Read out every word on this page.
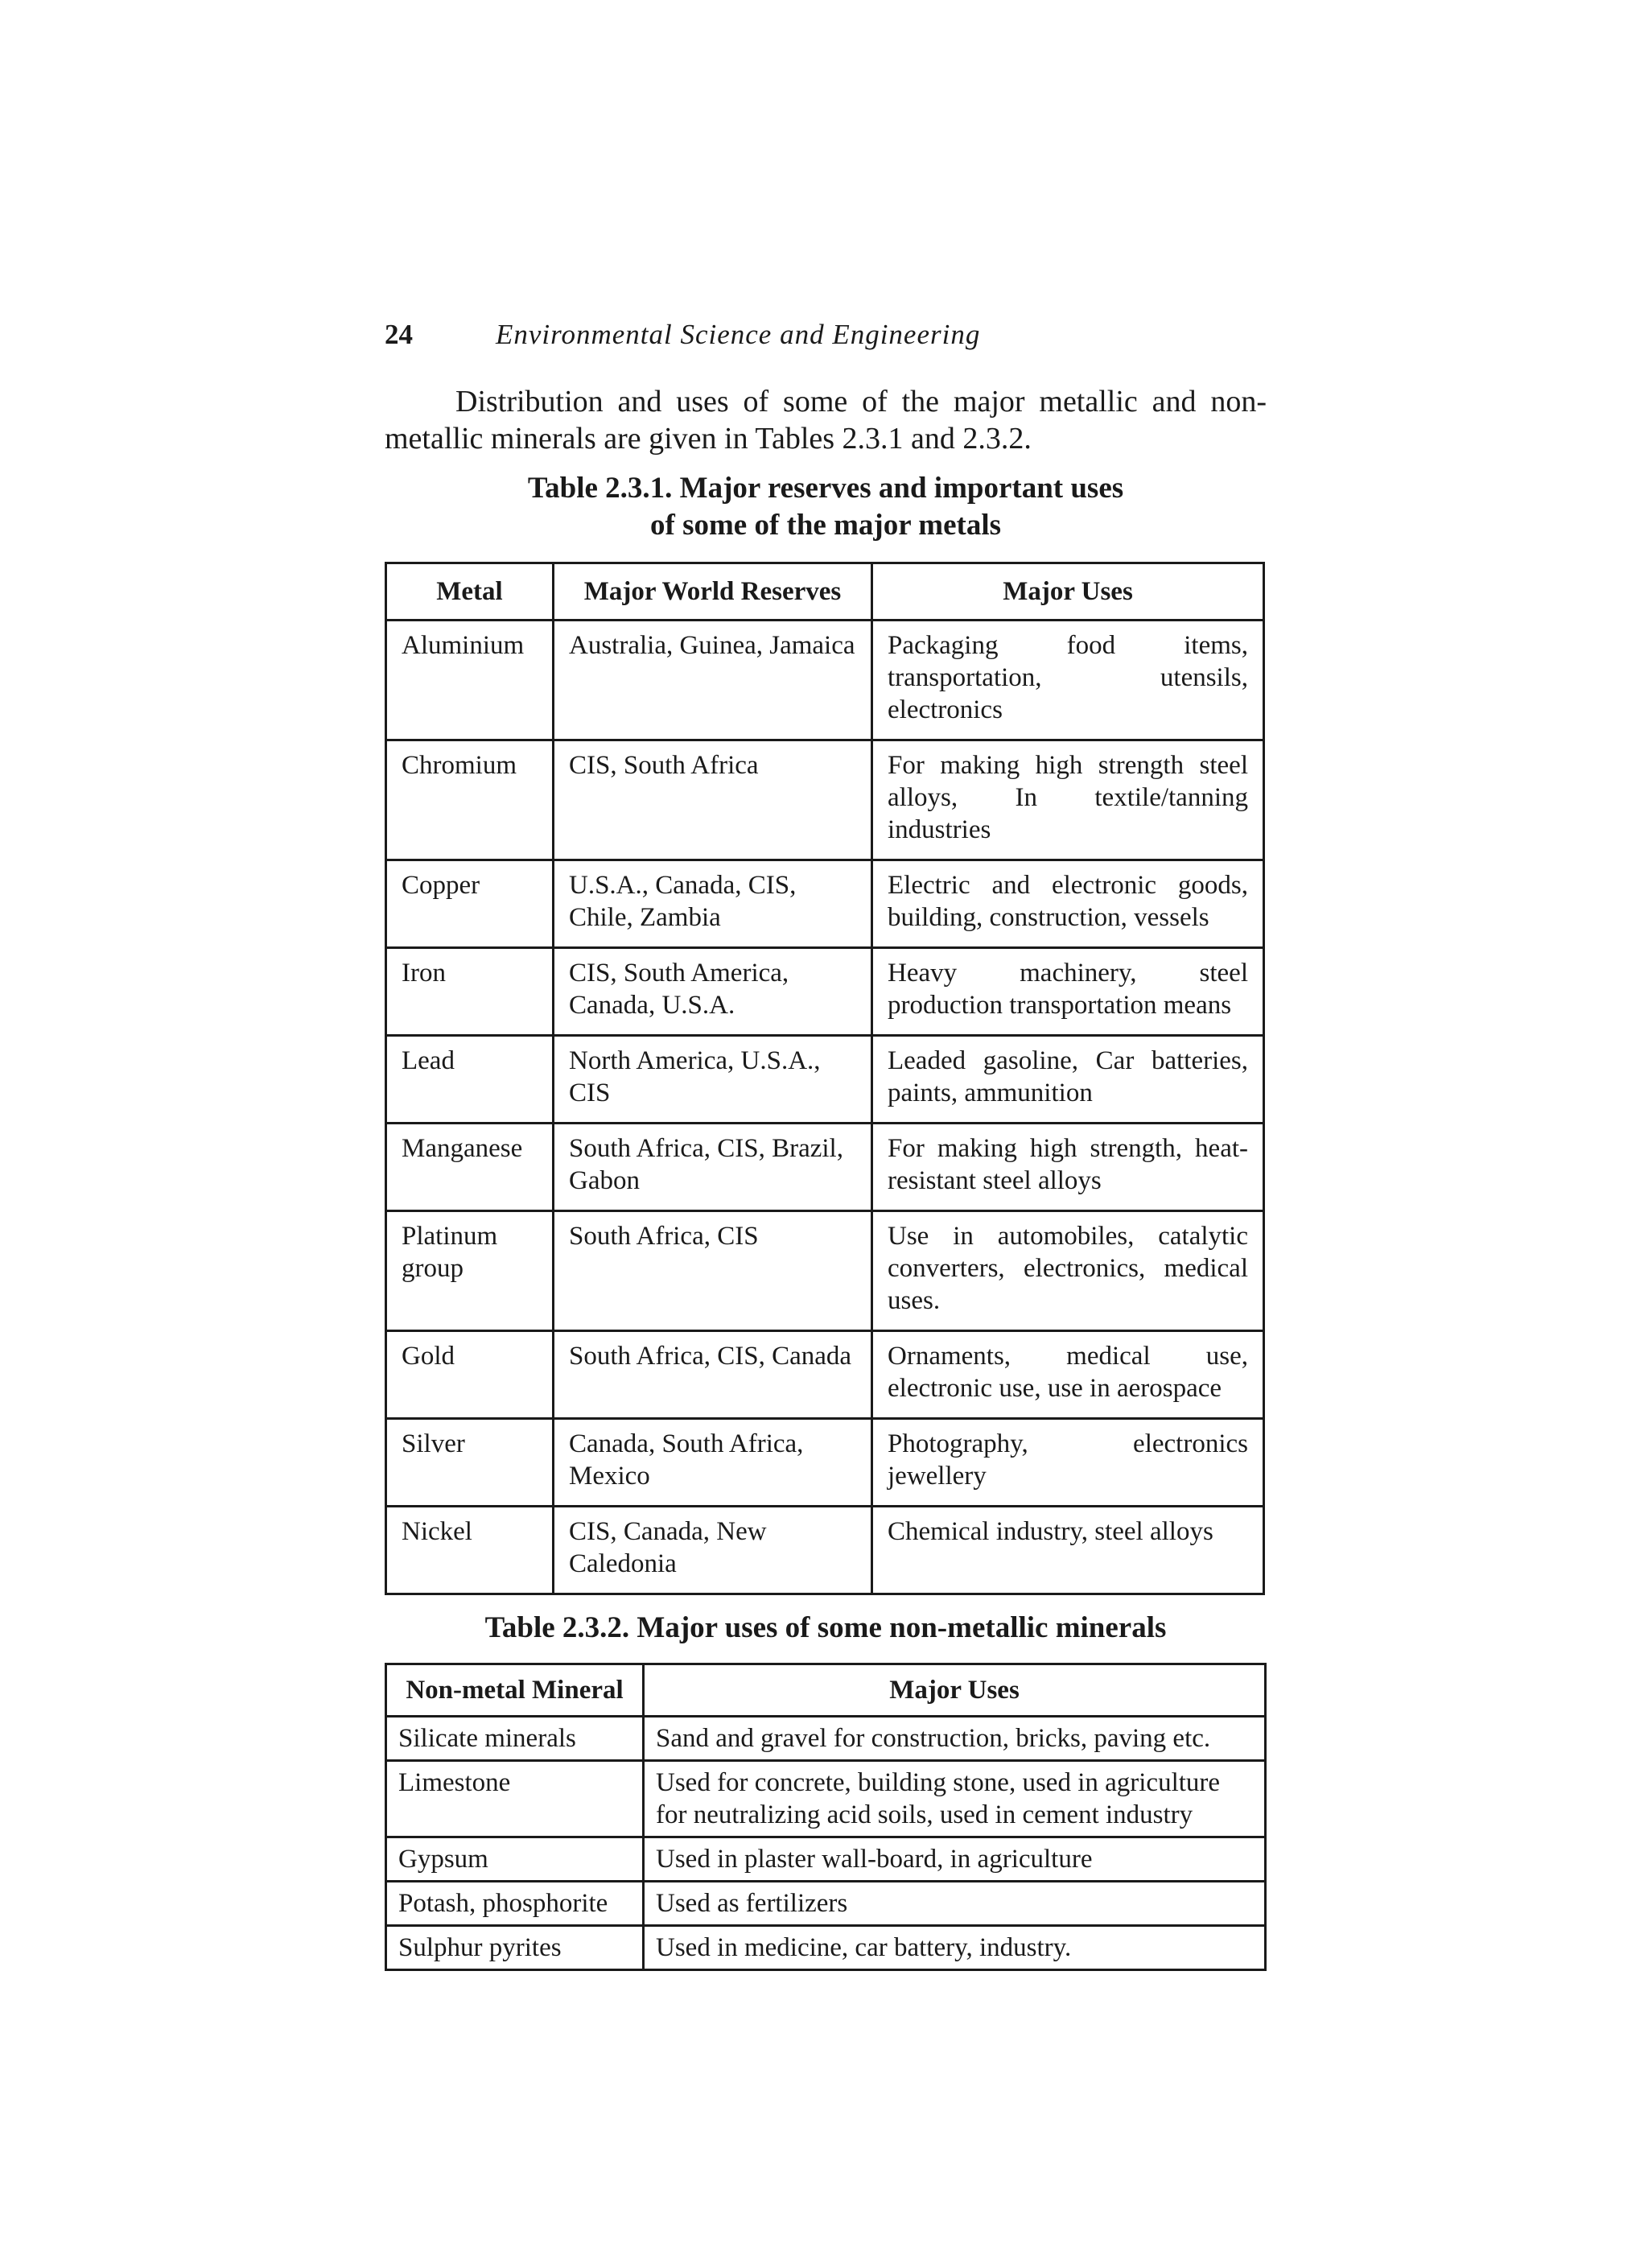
24	Environmental Science and Engineering

Distribution and uses of some of the major metallic and non-metallic minerals are given in Tables 2.3.1 and 2.3.2.

Table 2.3.1. Major reserves and important uses of some of the major metals
Metal	Major World Reserves	Major Uses
Aluminium	Australia, Guinea, Jamaica	Packaging food items, transportation, utensils, electronics
Chromium	CIS, South Africa	For making high strength steel alloys, In textile/tanning industries
Copper	U.S.A., Canada, CIS, Chile, Zambia	Electric and electronic goods, building, construction, vessels
Iron	CIS, South America, Canada, U.S.A.	Heavy machinery, steel production transportation means
Lead	North America, U.S.A., CIS	Leaded gasoline, Car batteries, paints, ammunition
Manganese	South Africa, CIS, Brazil, Gabon	For making high strength, heat-resistant steel alloys
Platinum group	South Africa, CIS	Use in automobiles, catalytic converters, electronics, medical uses.
Gold	South Africa, CIS, Canada	Ornaments, medical use, electronic use, use in aerospace
Silver	Canada, South Africa, Mexico	Photography, electronics jewellery
Nickel	CIS, Canada, New Caledonia	Chemical industry, steel alloys
Table 2.3.2. Major uses of some non-metallic minerals
Non-metal Mineral	Major Uses
Silicate minerals	Sand and gravel for construction, bricks, paving etc.
Limestone	Used for concrete, building stone, used in agriculture for neutralizing acid soils, used in cement industry
Gypsum	Used in plaster wall-board, in agriculture
Potash, phosphorite	Used as fertilizers
Sulphur pyrites	Used in medicine, car battery, industry.
